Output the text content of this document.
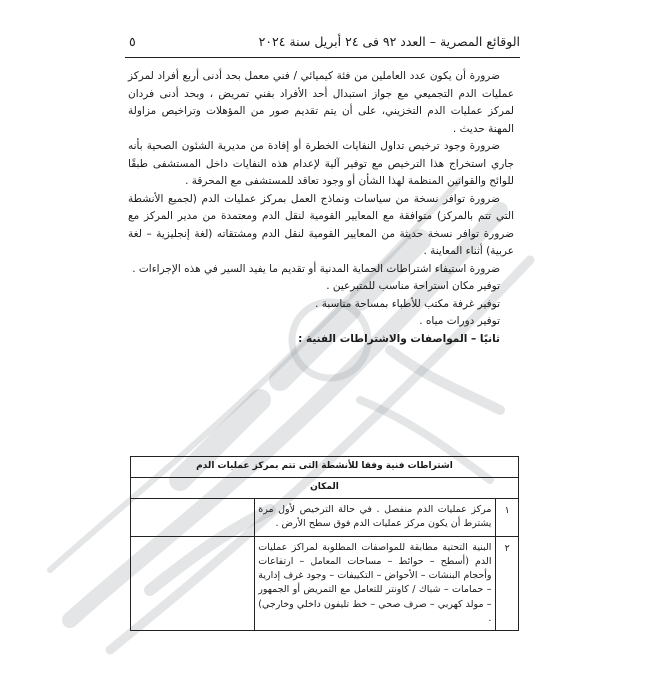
الوقائع المصرية – العدد ٩٢ فى ٢٤ أبريل سنة ٢٠٢٤
٥

ضرورة أن يكون عدد العاملين من فئة كيميائي / فني معمل بحد أدنى أربع أفراد لمركز عمليات الدم التجميعي مع جواز استبدال أحد الأفراد بفني تمريض ، وبحد أدنى فردان لمركز عمليات الدم التخزيني، على أن يتم تقديم صور من المؤهلات وتراخيص مزاولة المهنة حديث .

ضرورة وجود ترخيص تداول النفايات الخطرة أو إفادة من مديرية الشئون الصحية بأنه جاري استخراج هذا الترخيص مع توفير آلية لإعدام هذه النفايات داخل المستشفى طبقًا للوائح والقوانين المنظمة لهذا الشأن أو وجود تعاقد للمستشفى مع المحرقة .

ضرورة توافر نسخة من سياسات ونماذج العمل بمركز عمليات الدم (لجميع الأنشطة التي تتم بالمركز) متوافقة مع المعايير القومية لنقل الدم ومعتمدة من مدير المركز مع ضرورة توافر نسخة حديثة من المعايير القومية لنقل الدم ومشتقاته (لغة إنجليزية – لغة عربية) أثناء المعاينة .

ضرورة استيفاء اشتراطات الحماية المدنية أو تقديم ما يفيد السير في هذه الإجراءات .

توفير مكان استراحة مناسب للمتبرعين .

توفير غرفة مكتب للأطباء بمساحة مناسبة .

توفير دورات مياه .

ثانيًا – المواصفات والاشتراطات الفنية :

اشتراطات فنية وفقا للأنشطة التى تتم بمركز عمليات الدم		
المكان		
١	مركز عمليات الدم منفصل . في حالة الترخيص لأول مرة يشترط أن يكون مركز عمليات الدم فوق سطح الأرض .	
٢	البنية التحتية مطابقة للمواصفات المطلوبة لمراكز عمليات الدم (أسطح – حوائط – مساحات المعامل – ارتفاعات وأحجام البنشات – الأحواض – التكييفات – وجود غرف إدارية – حمامات – شباك / كاونتر للتعامل مع التمريض أو الجمهور – مولد كهربي – صرف صحي – خط تليفون داخلي وخارجي) .	
